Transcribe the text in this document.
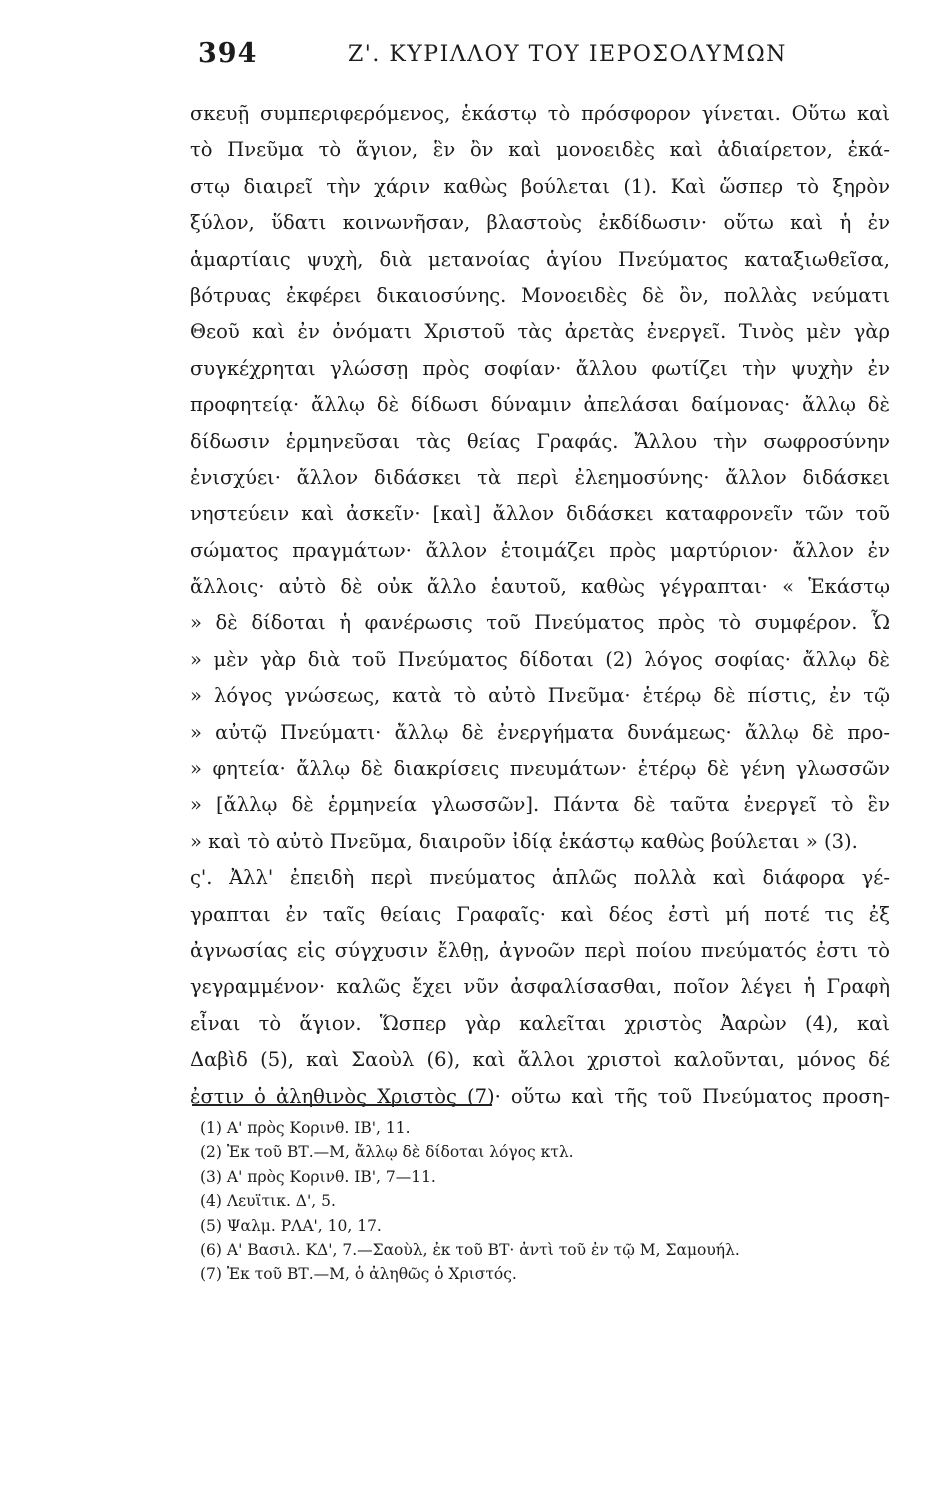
394	Ζ'. ΚΥΡΙΛΛΟΥ ΤΟΥ ΙΕΡΟΣΟΛΥΜΩΝ
σκευῇ συμπεριφερόμενος, ἑκάστῳ τὸ πρόσφορον γίνεται. Οὕτω καὶ
τὸ Πνεῦμα τὸ ἅγιον, ἓν ὂν καὶ μονοειδὲς καὶ ἀδιαίρετον, ἑκά-
στῳ διαιρεῖ τὴν χάριν καθὼς βούλεται (1). Καὶ ὥσπερ τὸ ξηρὸν
ξύλον, ὕδατι κοινωνῆσαν, βλαστοὺς ἐκδίδωσιν· οὕτω καὶ ἡ ἐν
ἁμαρτίαις ψυχὴ, διὰ μετανοίας ἁγίου Πνεύματος καταξιωθεῖσα,
βότρυας ἐκφέρει δικαιοσύνης. Μονοειδὲς δὲ ὂν, πολλὰς νεύματι
Θεοῦ καὶ ἐν ὀνόματι Χριστοῦ τὰς ἀρετὰς ἐνεργεῖ. Τινὸς μὲν γὰρ
συγκέχρηται γλώσσῃ πρὸς σοφίαν· ἄλλου φωτίζει τὴν ψυχὴν ἐν
προφητείᾳ· ἄλλῳ δὲ δίδωσι δύναμιν ἀπελάσαι δαίμονας· ἄλλῳ δὲ
δίδωσιν ἑρμηνεῦσαι τὰς θείας Γραφάς. Ἄλλου τὴν σωφροσύνην
ἐνισχύει· ἄλλον διδάσκει τὰ περὶ ἐλεημοσύνης· ἄλλον διδάσκει
νηστεύειν καὶ ἀσκεῖν· [καὶ] ἄλλον διδάσκει καταφρονεῖν τῶν τοῦ
σώματος πραγμάτων· ἄλλον ἑτοιμάζει πρὸς μαρτύριον· ἄλλον ἐν
ἄλλοις· αὐτὸ δὲ οὐκ ἄλλο ἑαυτοῦ, καθὼς γέγραπται· « Ἑκάστῳ
» δὲ δίδοται ἡ φανέρωσις τοῦ Πνεύματος πρὸς τὸ συμφέρον. Ὧ
» μὲν γὰρ διὰ τοῦ Πνεύματος δίδοται (2) λόγος σοφίας· ἄλλῳ δὲ
» λόγος γνώσεως, κατὰ τὸ αὐτὸ Πνεῦμα· ἑτέρῳ δὲ πίστις, ἐν τῷ
» αὐτῷ Πνεύματι· ἄλλῳ δὲ ἐνεργήματα δυνάμεως· ἄλλῳ δὲ προ-
» φητεία· ἄλλῳ δὲ διακρίσεις πνευμάτων· ἑτέρῳ δὲ γένη γλωσσῶν
» [ἄλλῳ δὲ ἑρμηνεία γλωσσῶν]. Πάντα δὲ ταῦτα ἐνεργεῖ τὸ ἓν
» καὶ τὸ αὐτὸ Πνεῦμα, διαιροῦν ἰδίᾳ ἑκάστῳ καθὼς βούλεται » (3).
ς'. Ἀλλ' ἐπειδὴ περὶ πνεύματος ἁπλῶς πολλὰ καὶ διάφορα γέ-
γραπται ἐν ταῖς θείαις Γραφαῖς· καὶ δέος ἐστὶ μή ποτέ τις ἐξ
ἀγνωσίας εἰς σύγχυσιν ἔλθῃ, ἀγνοῶν περὶ ποίου πνεύματός ἐστι τὸ
γεγραμμένον· καλῶς ἔχει νῦν ἀσφαλίσασθαι, ποῖον λέγει ἡ Γραφὴ
εἶναι τὸ ἅγιον. Ὥσπερ γὰρ καλεῖται χριστὸς Ἀαρὼν (4), καὶ
Δαβὶδ (5), καὶ Σαοὺλ (6), καὶ ἄλλοι χριστοὶ καλοῦνται, μόνος δέ
ἐστιν ὁ ἀληθινὸς Χριστὸς (7)· οὕτω καὶ τῆς τοῦ Πνεύματος προση-
(1) Α' πρὸς Κορινθ. ΙΒ', 11.
(2) Ἐκ τοῦ ΒΤ.—Μ, ἄλλῳ δὲ δίδοται λόγος κτλ.
(3) Α' πρὸς Κορινθ. ΙΒ', 7—11.
(4) Λευϊτικ. Δ', 5.
(5) Ψαλμ. ΡΛΑ', 10, 17.
(6) Α' Βασιλ. ΚΔ', 7.—Σαοὺλ, ἐκ τοῦ ΒΤ· ἀντὶ τοῦ ἐν τῷ Μ, Σαμουήλ.
(7) Ἐκ τοῦ ΒΤ.—Μ, ὁ ἀληθῶς ὁ Χριστός.
